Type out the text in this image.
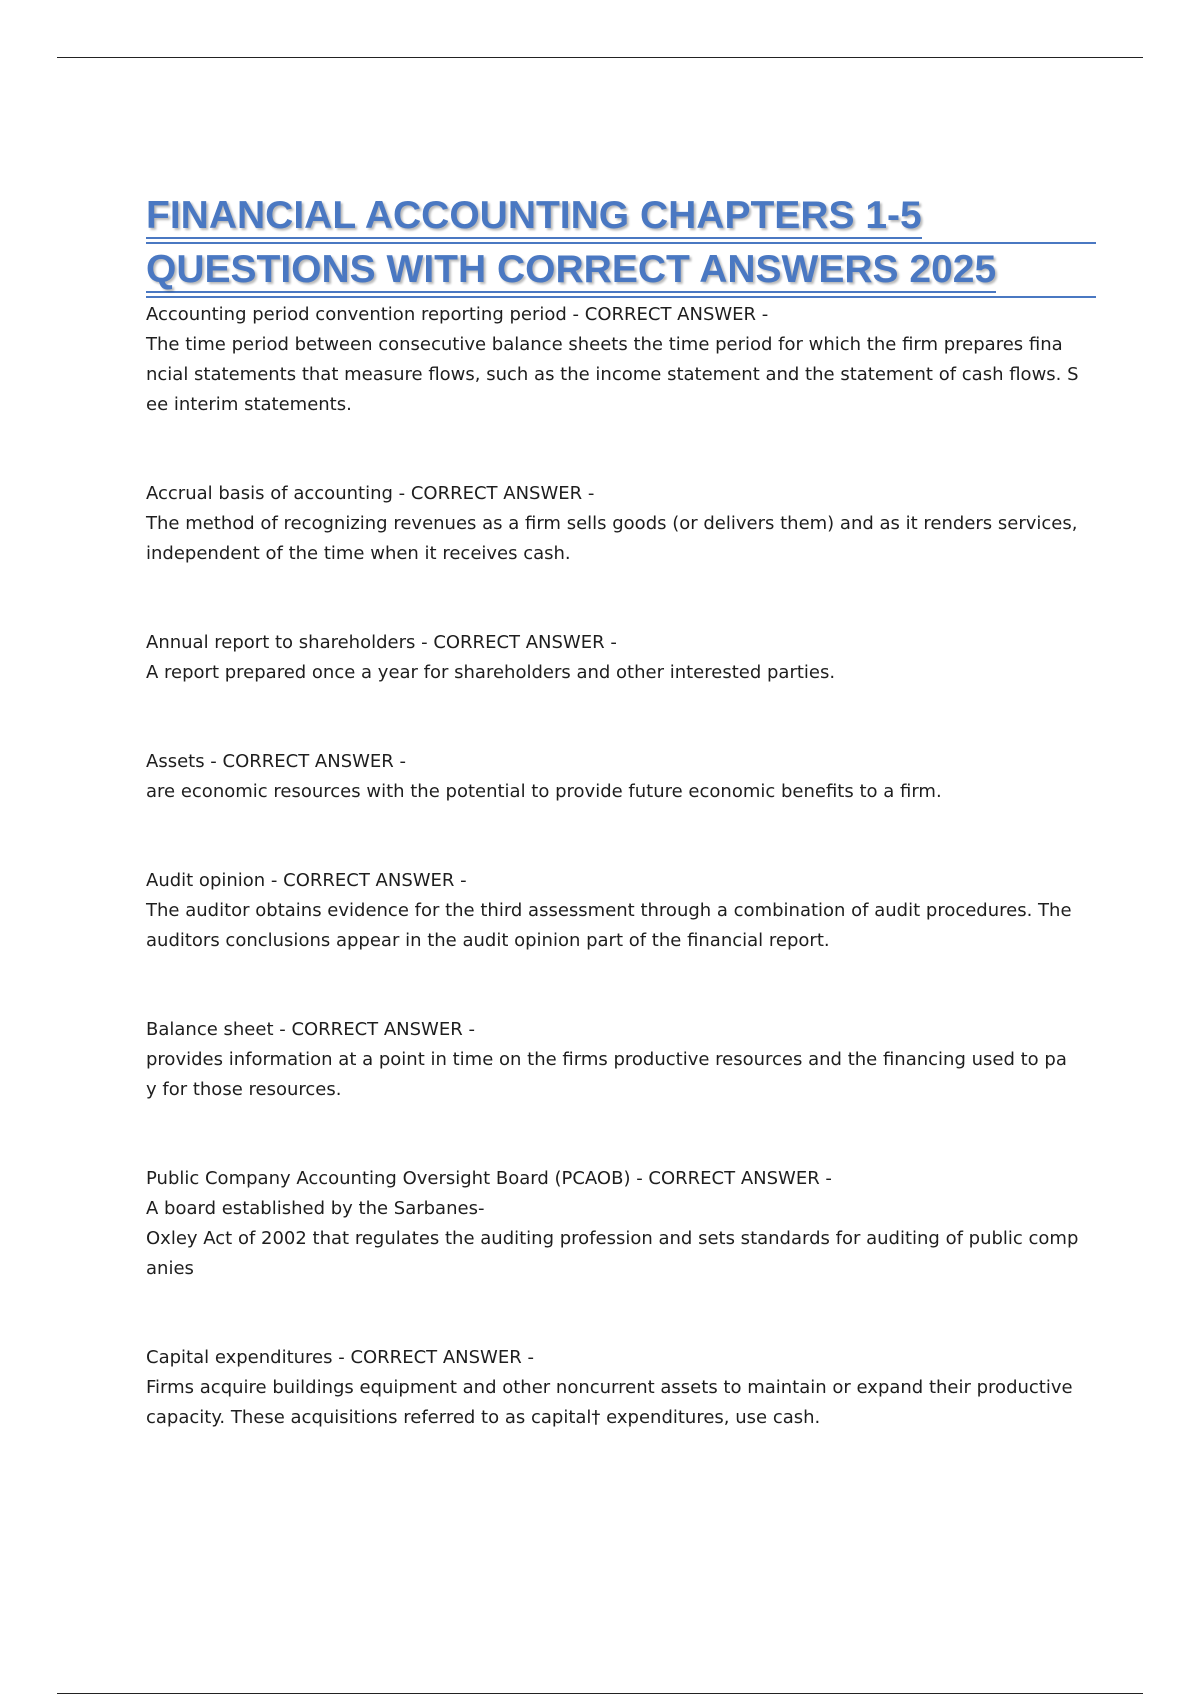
FINANCIAL ACCOUNTING CHAPTERS 1-5
QUESTIONS WITH CORRECT ANSWERS 2025
Accounting period convention reporting period - CORRECT ANSWER -
The time period between consecutive balance sheets the time period for which the firm prepares fina
ncial statements that measure flows, such as the income statement and the statement of cash flows. S
ee interim statements.
Accrual basis of accounting - CORRECT ANSWER -
The method of recognizing revenues as a firm sells goods (or delivers them) and as it renders services,
independent of the time when it receives cash.
Annual report to shareholders - CORRECT ANSWER -
A report prepared once a year for shareholders and other interested parties.
Assets - CORRECT ANSWER -
are economic resources with the potential to provide future economic benefits to a firm.
Audit opinion - CORRECT ANSWER -
The auditor obtains evidence for the third assessment through a combination of audit procedures. The
auditors conclusions appear in the audit opinion part of the financial report.
Balance sheet - CORRECT ANSWER -
provides information at a point in time on the firms productive resources and the financing used to pa
y for those resources.
Public Company Accounting Oversight Board (PCAOB) - CORRECT ANSWER -
A board established by the Sarbanes-
Oxley Act of 2002 that regulates the auditing profession and sets standards for auditing of public comp
anies
Capital expenditures - CORRECT ANSWER -
Firms acquire buildings equipment and other noncurrent assets to maintain or expand their productive
capacity. These acquisitions referred to as capital† expenditures, use cash.
